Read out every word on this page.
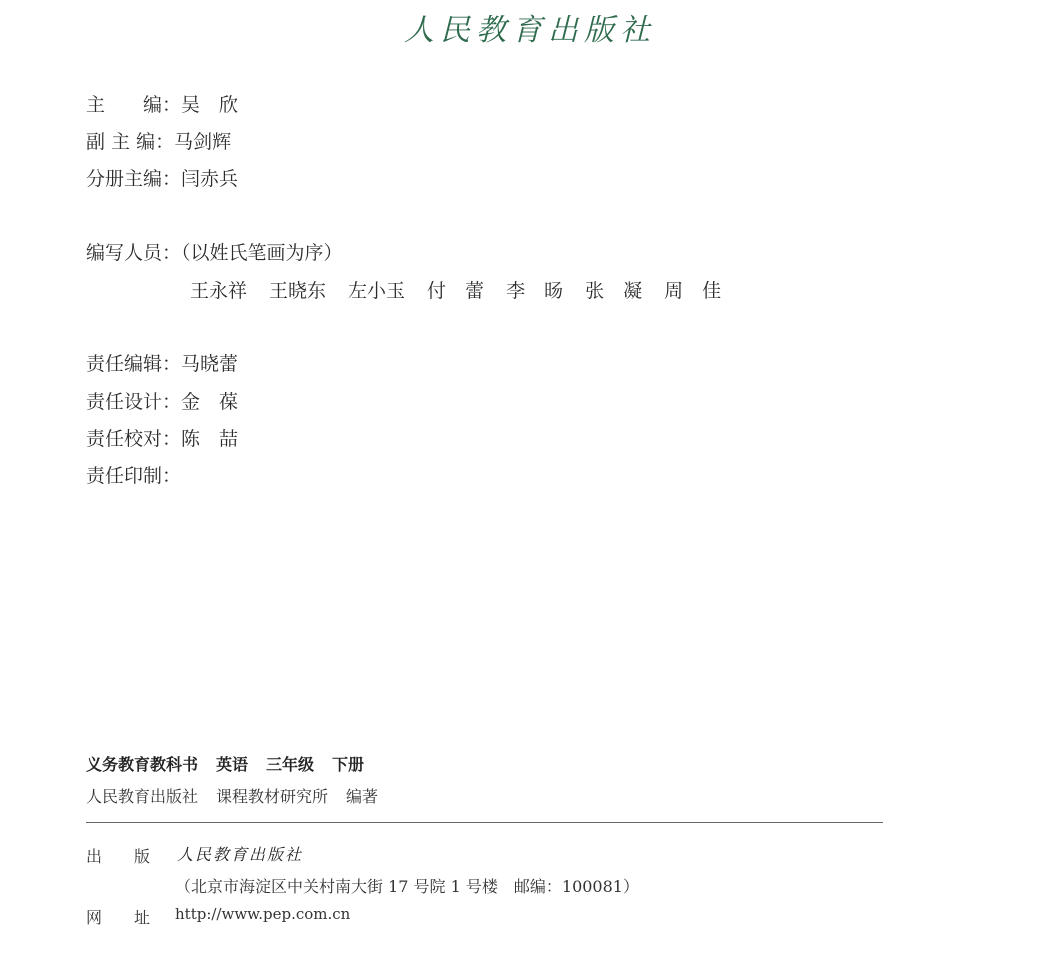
人民教育出版社
主　　编：吴　欣
副 主 编：马剑辉
分册主编：闫赤兵
编写人员：（以姓氏笔画为序）
王永祥 王晓东 左小玉 付　蕾 李　旸 张　凝 周　佳
责任编辑：马晓蕾
责任设计：金　葆
责任校对：陈　喆
责任印制：
义务教育教科书 英语 三年级 下册
人民教育出版社 课程教材研究所 编著
出　　版 人民教育出版社
（北京市海淀区中关村南大街 17 号院 1 号楼　邮编：100081）
网　　址 http://www.pep.com.cn
